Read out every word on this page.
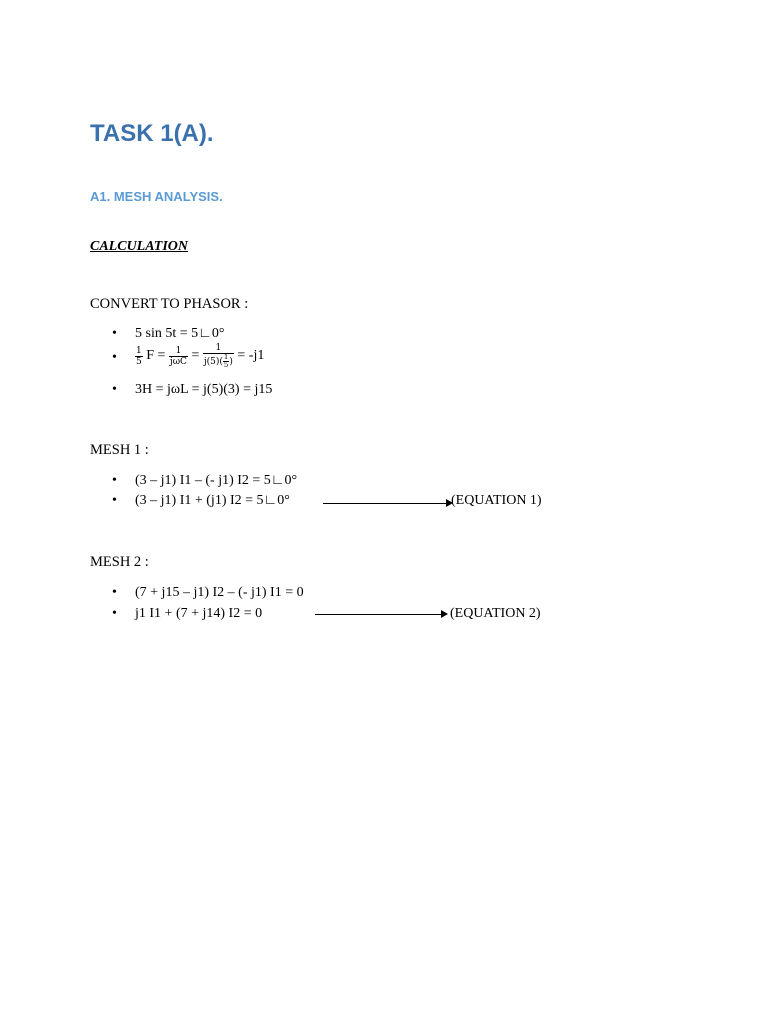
TASK 1(A).
A1. MESH ANALYSIS.
CALCULATION
CONVERT TO PHASOR :
• 5 sin 5t = 5∟0°
• $\frac{1}{5}$ $F = \frac{1}{\text{jωC}} = \frac{1}{j(5)( \frac{1}{5} )} = -j1$
• 3H = jωL = j(5)(3) = j15
MESH 1 :
• (3 – j1) I1 – (- j1) I2 = 5∟0°
• (3 – j1) I1 + (j1) I2 = 5∟0°	(EQUATION 1)
MESH 2 :
• (7 + j15 – j1) I2 – (- j1) I1 = 0
• j1 I1 + (7 + j14) I2 = 0	(EQUATION 2)
